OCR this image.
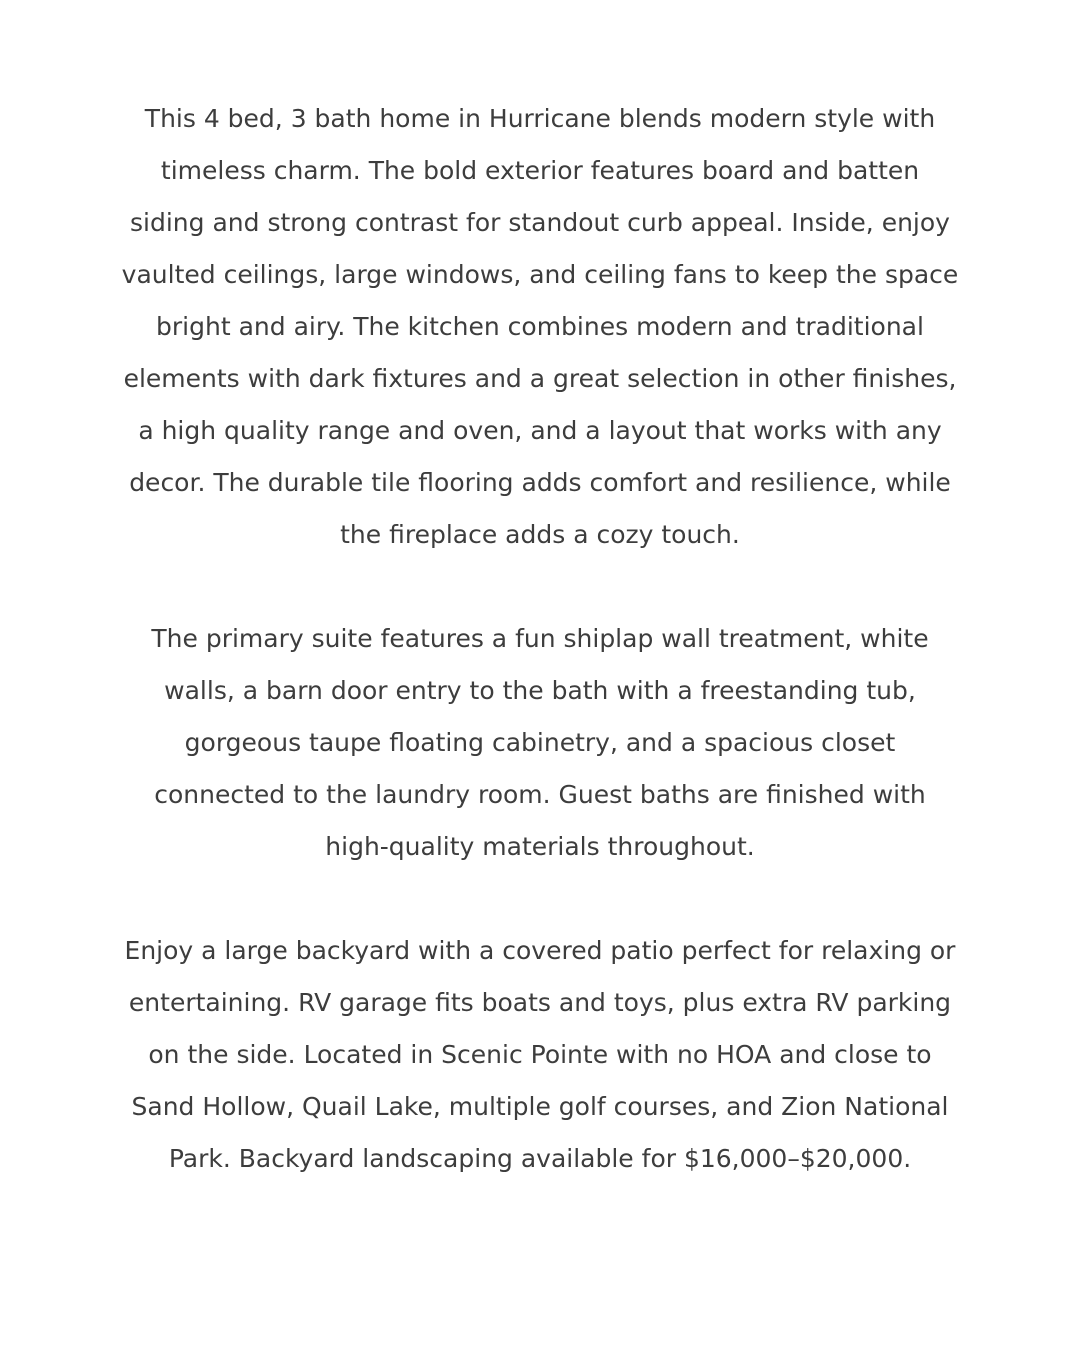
This 4 bed, 3 bath home in Hurricane blends modern style with
timeless charm. The bold exterior features board and batten
siding and strong contrast for standout curb appeal. Inside, enjoy
vaulted ceilings, large windows, and ceiling fans to keep the space
bright and airy. The kitchen combines modern and traditional
elements with dark fixtures and a great selection in other finishes,
a high quality range and oven, and a layout that works with any
decor. The durable tile flooring adds comfort and resilience, while
the fireplace adds a cozy touch.

The primary suite features a fun shiplap wall treatment, white
walls, a barn door entry to the bath with a freestanding tub,
gorgeous taupe floating cabinetry, and a spacious closet
connected to the laundry room. Guest baths are finished with
high-quality materials throughout.

Enjoy a large backyard with a covered patio perfect for relaxing or
entertaining. RV garage fits boats and toys, plus extra RV parking
on the side. Located in Scenic Pointe with no HOA and close to
Sand Hollow, Quail Lake, multiple golf courses, and Zion National
Park. Backyard landscaping available for $16,000–$20,000.
